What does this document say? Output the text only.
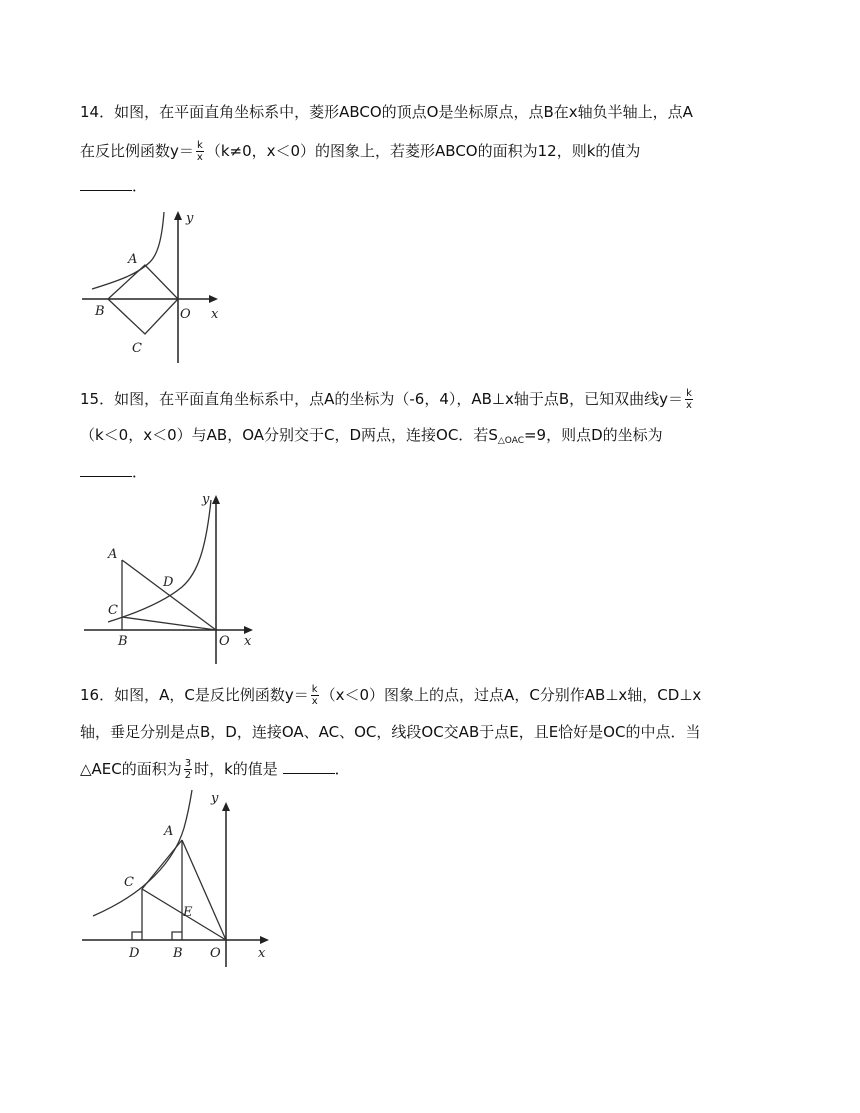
14．如图，在平面直角坐标系中，菱形ABCO的顶点O是坐标原点，点B在x轴负半轴上，点A
在反比例函数$y= \frac{k}{x} (k\ne 0$，x＜0）的图象上，若菱形ABCO的面积为12，则k的值为
．
y
A
B	O x
C
15．如图，在平面直角坐标系中，点A的坐标为（-6，4），AB⊥x轴于点B，已知双曲线$y= \frac{k}{x}$
（k＜0，x＜0）与AB，OA分别交于C，D两点，连接OC．若$S_{\triangle OAC}=9$，则点D的坐标为
．
y
A
D
C
B	O x
16．如图，A，C是反比例函数$y= \frac{k}{x} (x<0)$图象上的点，过点A，C分别作AB⊥x轴，CD⊥x
轴，垂足分别是点B，D，连接OA、AC、OC，线段OC交AB于点E，且E恰好是OC的中点．当
△AEC的面积为 $\frac{3}{2}$ 时，k的值是	．
y
A
C
E
D	B O	x
